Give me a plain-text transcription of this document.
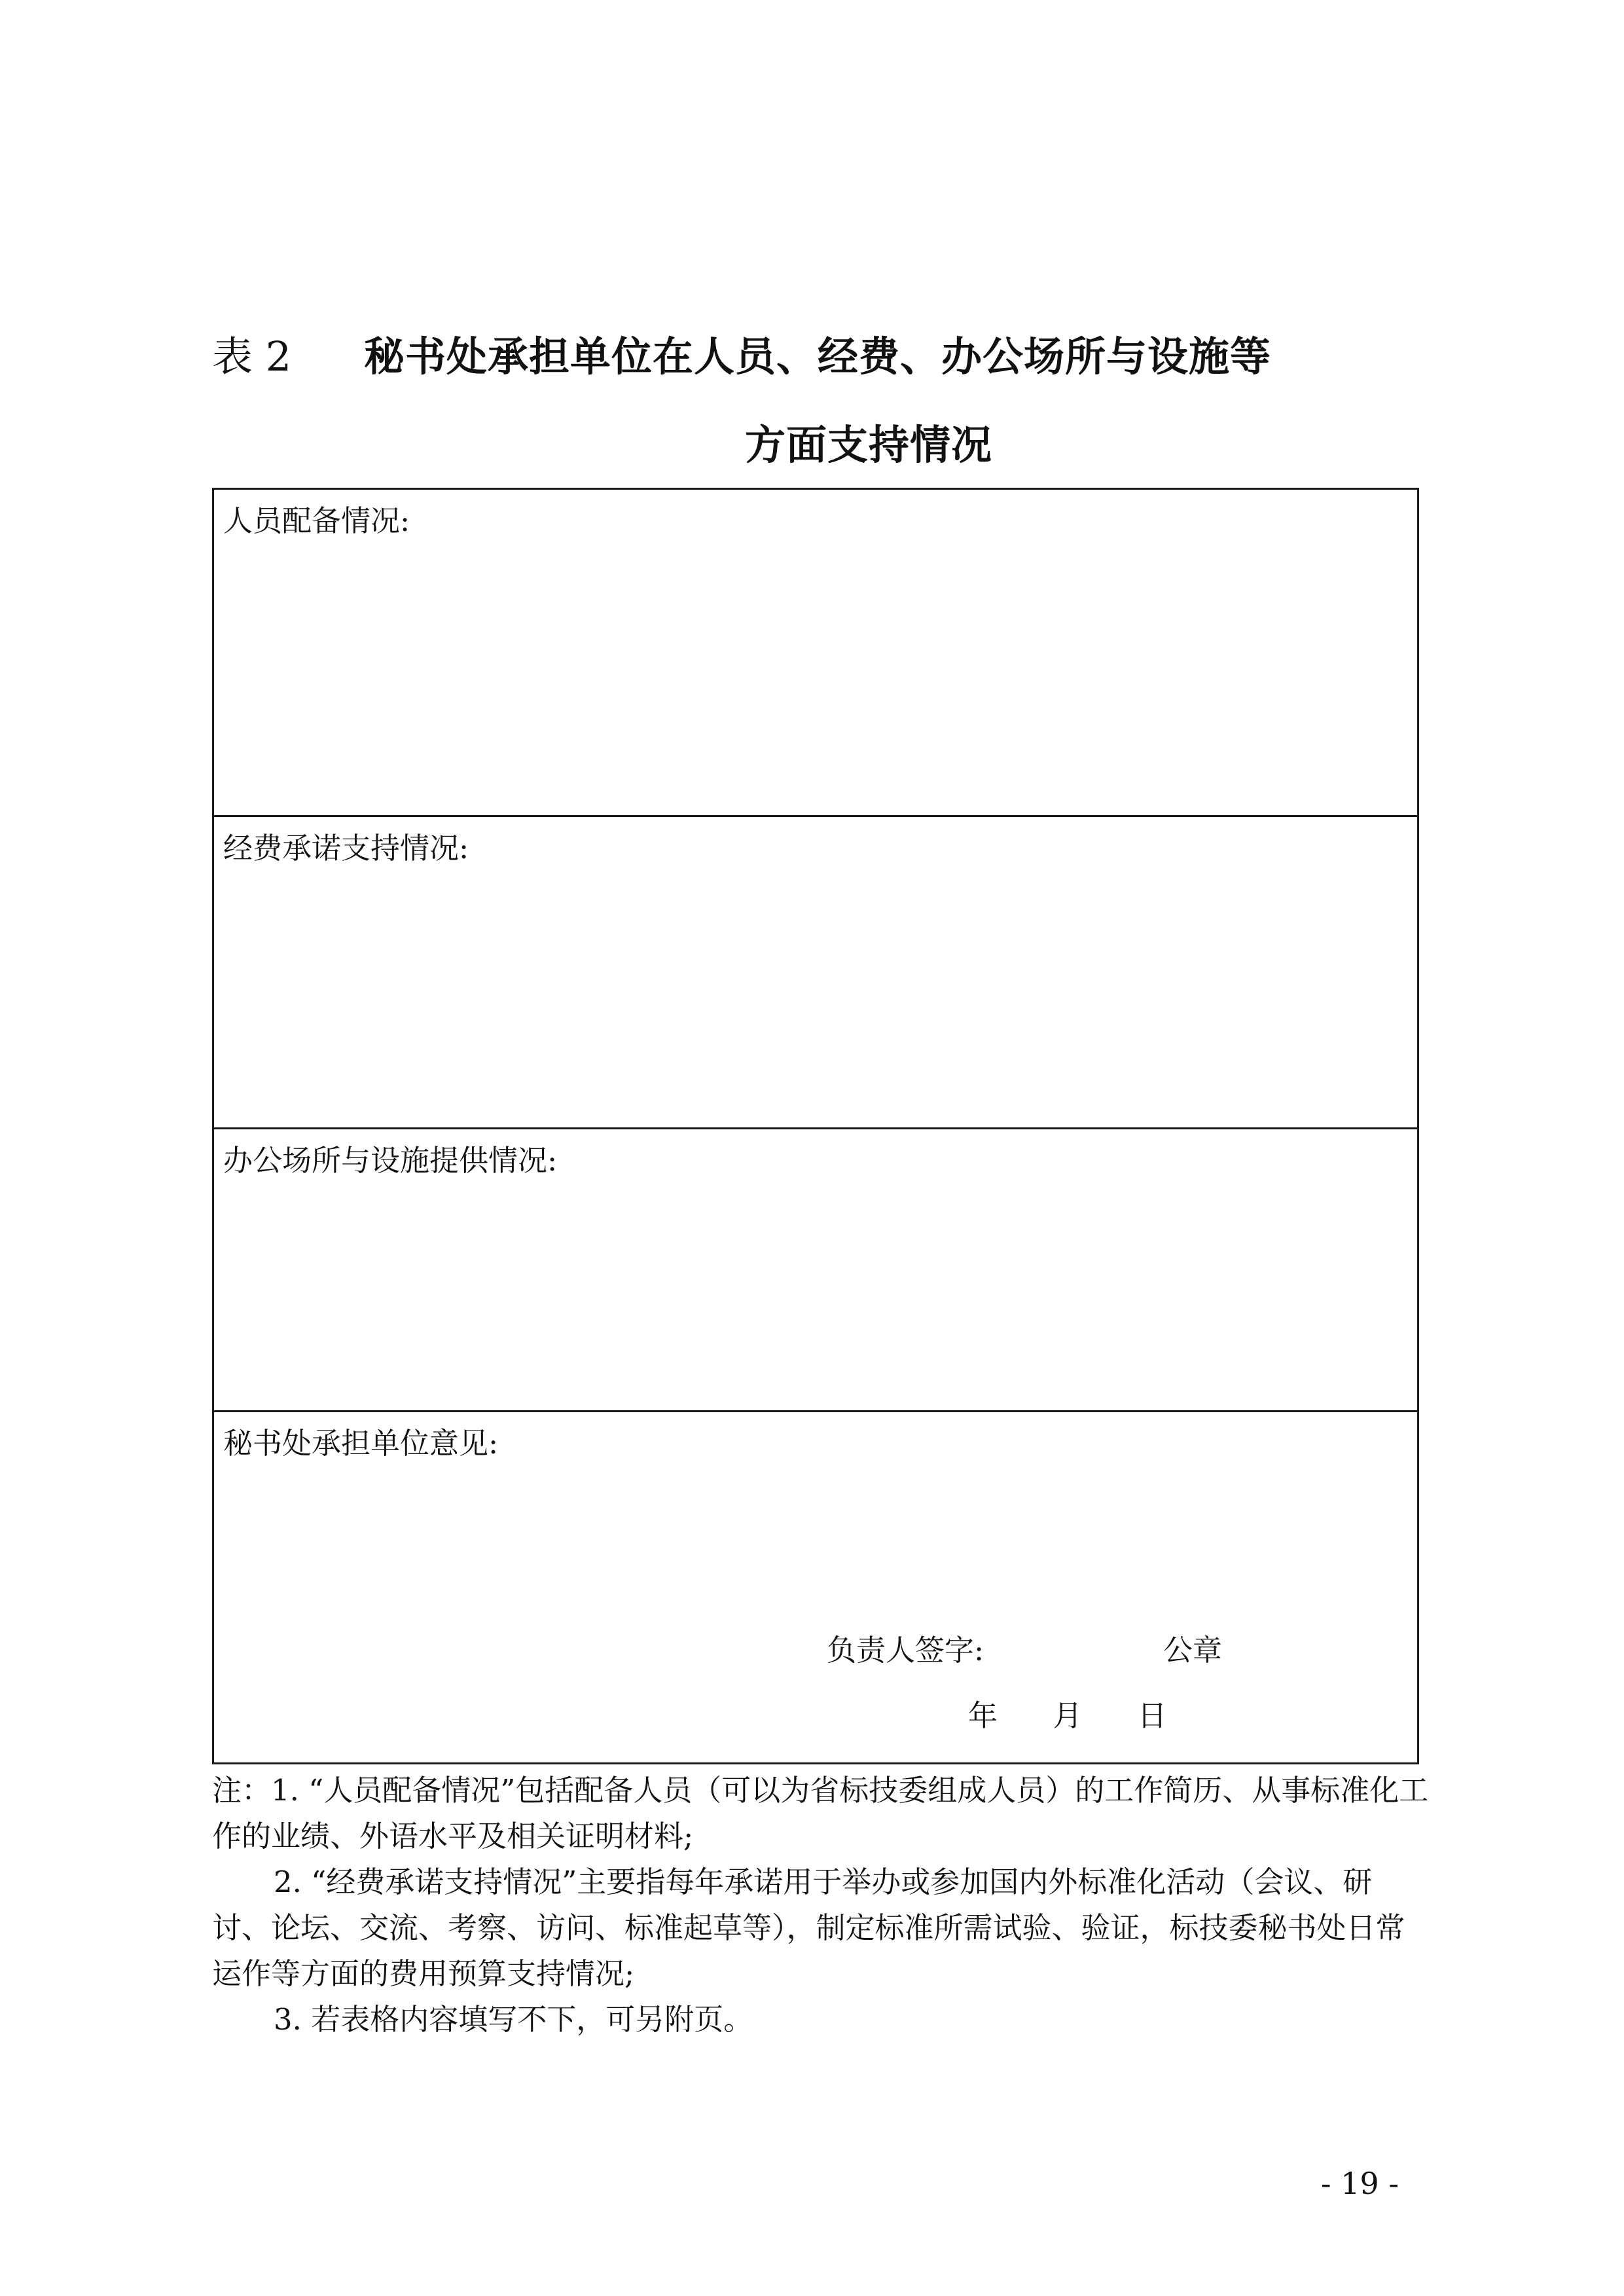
表 2 秘书处承担单位在人员、经费、办公场所与设施等
方面支持情况
人员配备情况:
经费承诺支持情况:
办公场所与设施提供情况:
秘书处承担单位意见:
负责人签字:	公章
年 月 日

注：1. “人员配备情况”包括配备人员（可以为省标技委组成人员）的工作简历、从事标准化工作的业绩、外语水平及相关证明材料;

2. “经费承诺支持情况”主要指每年承诺用于举办或参加国内外标准化活动（会议、研讨、论坛、交流、考察、访问、标准起草等），制定标准所需试验、验证，标技委秘书处日常运作等方面的费用预算支持情况;

3. 若表格内容填写不下，可另附页。

- 19 -
